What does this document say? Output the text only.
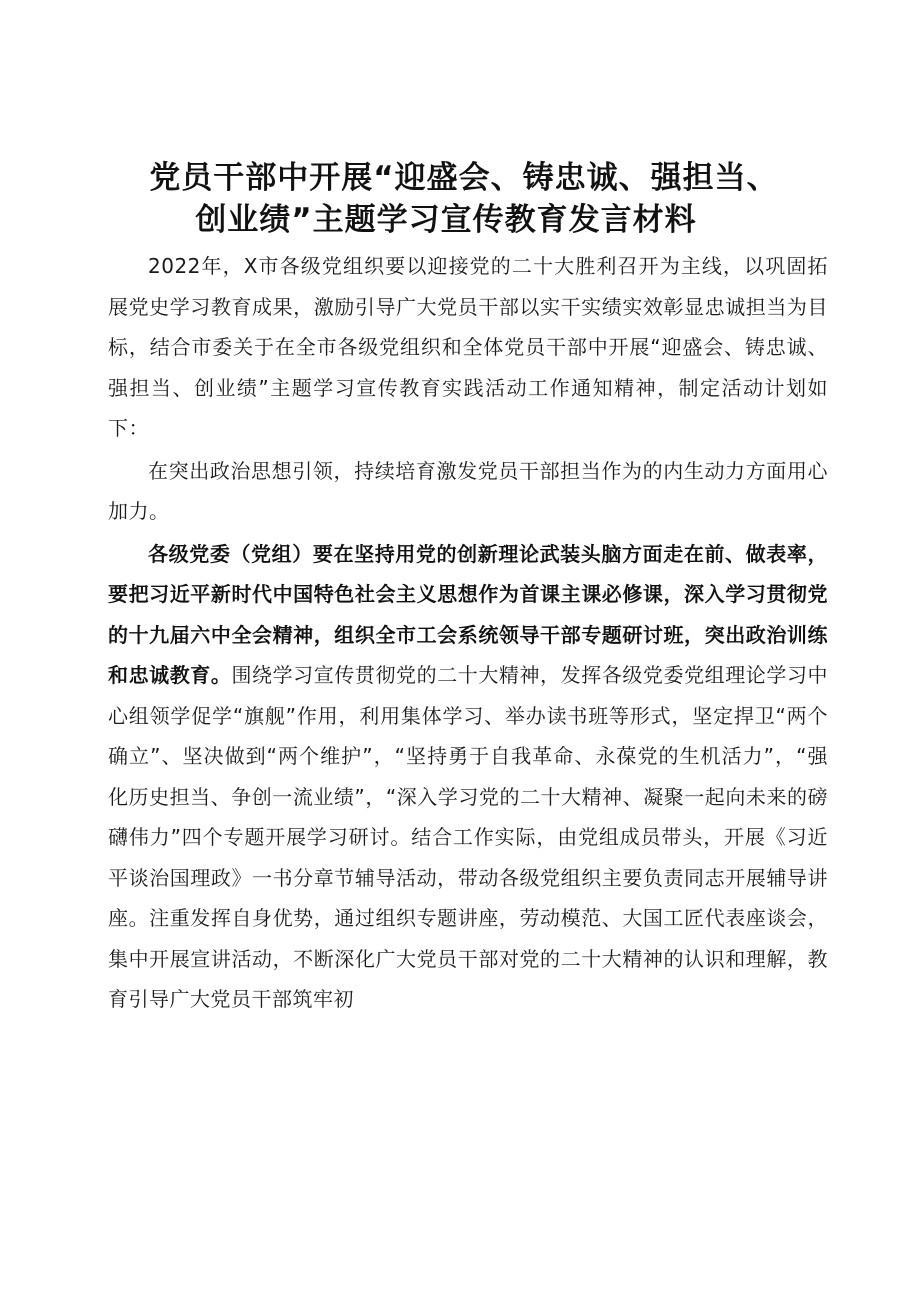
党员干部中开展“迎盛会、铸忠诚、强担当、
创业绩”主题学习宣传教育发言材料

2022年，X市各级党组织要以迎接党的二十大胜利召开为主线，以巩固拓展党史学习教育成果，激励引导广大党员干部以实干实绩实效彰显忠诚担当为目标，结合市委关于在全市各级党组织和全体党员干部中开展“迎盛会、铸忠诚、强担当、创业绩”主题学习宣传教育实践活动工作通知精神，制定活动计划如下：

在突出政治思想引领，持续培育激发党员干部担当作为的内生动力方面用心加力。

各级党委（党组）要在坚持用党的创新理论武装头脑方面走在前、做表率，要把习近平新时代中国特色社会主义思想作为首课主课必修课，深入学习贯彻党的十九届六中全会精神，组织全市工会系统领导干部专题研讨班，突出政治训练和忠诚教育。围绕学习宣传贯彻党的二十大精神，发挥各级党委党组理论学习中心组领学促学“旗舰”作用，利用集体学习、举办读书班等形式，坚定捍卫“两个确立”、坚决做到“两个维护”，“坚持勇于自我革命、永葆党的生机活力”，“强化历史担当、争创一流业绩”，“深入学习党的二十大精神、凝聚一起向未来的磅礴伟力”四个专题开展学习研讨。结合工作实际，由党组成员带头，开展《习近平谈治国理政》一书分章节辅导活动，带动各级党组织主要负责同志开展辅导讲座。注重发挥自身优势，通过组织专题讲座，劳动模范、大国工匠代表座谈会，集中开展宣讲活动，不断深化广大党员干部对党的二十大精神的认识和理解，教育引导广大党员干部筑牢初
